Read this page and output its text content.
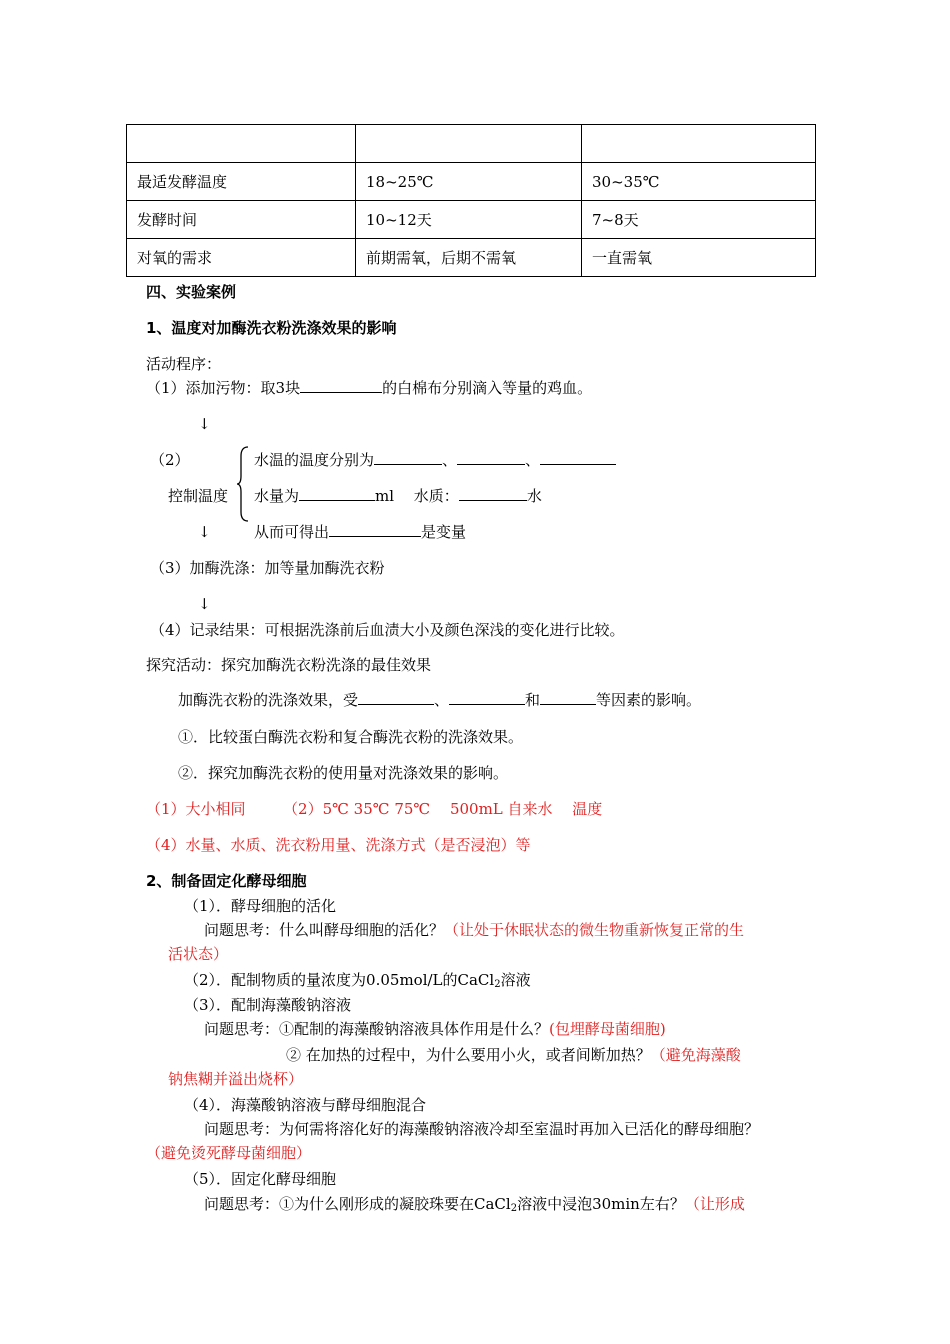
最适发酵温度	18~25℃	30~35℃
发酵时间	10~12天	7~8天
对氧的需求	前期需氧，后期不需氧	一直需氧
四、实验案例
1、温度对加酶洗衣粉洗涤效果的影响
活动程序：
（1）添加污物：取3块	的白棉布分别滴入等量的鸡血。
↓
（2）
控制温度
水温的温度分别为	、	、
水量为	ml　 水质：	水
↓	从而可得出	是变量
（3）加酶洗涤：加等量加酶洗衣粉
↓
（4）记录结果：可根据洗涤前后血渍大小及颜色深浅的变化进行比较。
探究活动：探究加酶洗衣粉洗涤的最佳效果
加酶洗衣粉的洗涤效果，受	、	和	等因素的影响。
①．比较蛋白酶洗衣粉和复合酶洗衣粉的洗涤效果。
②．探究加酶洗衣粉的使用量对洗涤效果的影响。
（1）大小相同　　　（2）5℃ 35℃ 75℃　 500mL 自来水　 温度
（4）水量、水质、洗衣粉用量、洗涤方式（是否浸泡）等
2、制备固定化酵母细胞
（1）．酵母细胞的活化
问题思考：什么叫酵母细胞的活化？（让处于休眠状态的微生物重新恢复正常的生
活状态）
（2）．配制物质的量浓度为0.05mol/L的CaCl$_2$溶液
（3）．配制海藻酸钠溶液
问题思考：①配制的海藻酸钠溶液具体作用是什么？(包埋酵母菌细胞)
② 在加热的过程中，为什么要用小火，或者间断加热？（避免海藻酸
钠焦糊并溢出烧杯）
（4）．海藻酸钠溶液与酵母细胞混合
问题思考：为何需将溶化好的海藻酸钠溶液冷却至室温时再加入已活化的酵母细胞？
（避免烫死酵母菌细胞）
（5）．固定化酵母细胞
问题思考：①为什么刚形成的凝胶珠要在CaCl$_2$溶液中浸泡30min左右？（让形成
